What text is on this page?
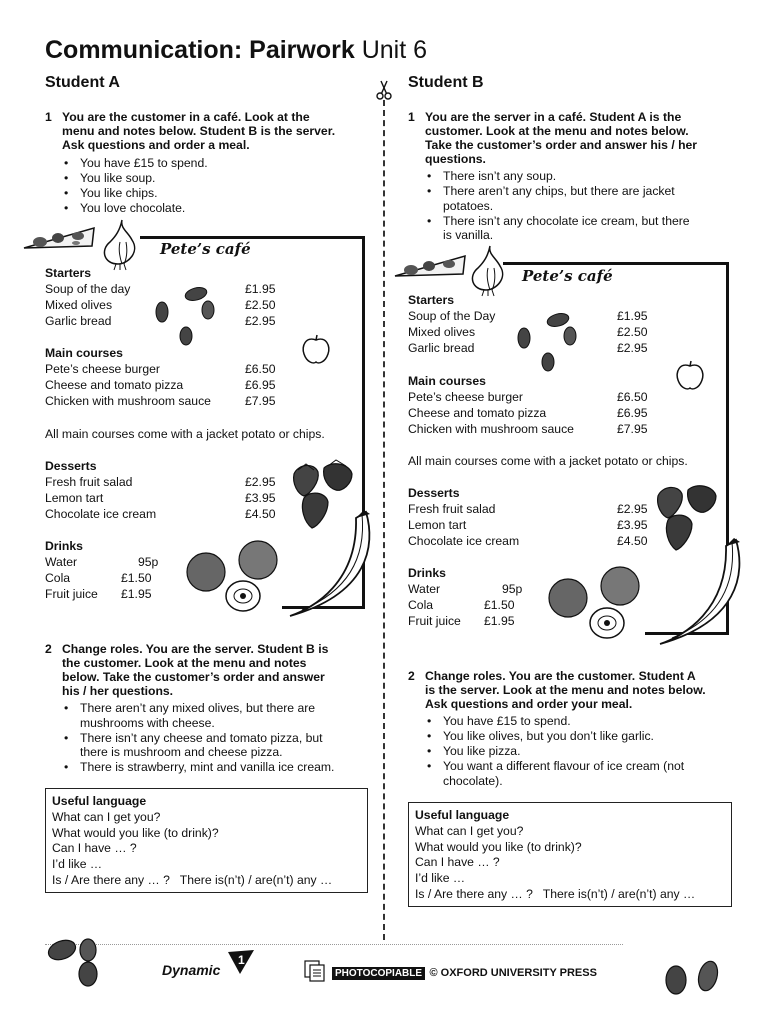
Communication: Pairwork Unit 6
Student A
1 You are the customer in a café. Look at the
menu and notes below. Student B is the server.
Ask questions and order a meal.
• You have £15 to spend.
• You like soup.
• You like chips.
• You love chocolate.
Pete’s café
Starters
Soup of the day	£1.95
Mixed olives	£2.50
Garlic bread	£2.95
Main courses
Pete’s cheese burger	£6.50
Cheese and tomato pizza	£6.95
Chicken with mushroom sauce	£7.95
All main courses come with a jacket potato or chips.
Desserts
Fresh fruit salad	£2.95
Lemon tart	£3.95
Chocolate ice cream	£4.50
Drinks
Water	95p
Cola	£1.50
Fruit juice £1.95
2 Change roles. You are the server. Student B is
the customer. Look at the menu and notes
below. Take the customer’s order and answer
his / her questions.
• There aren’t any mixed olives, but there are
mushrooms with cheese.
• There isn’t any cheese and tomato pizza, but
there is mushroom and cheese pizza.
• There is strawberry, mint and vanilla ice cream.
Useful language
What can I get you?
What would you like (to drink)?
Can I have … ?
I’d like …
Is / Are there any … ?   There is(n’t) / are(n’t) any …
Student B
1 You are the server in a café. Student A is the
customer. Look at the menu and notes below.
Take the customer’s order and answer his / her
questions.
• There isn’t any soup.
• There aren’t any chips, but there are jacket
potatoes.
• There isn’t any chocolate ice cream, but there
is vanilla.
Pete’s café
Starters
Soup of the Day	£1.95
Mixed olives	£2.50
Garlic bread	£2.95
Main courses
Pete’s cheese burger	£6.50
Cheese and tomato pizza	£6.95
Chicken with mushroom sauce	£7.95
All main courses come with a jacket potato or chips.
Desserts
Fresh fruit salad	£2.95
Lemon tart	£3.95
Chocolate ice cream	£4.50
Drinks
Water	95p
Cola	£1.50
Fruit juice £1.95
2 Change roles. You are the customer. Student A
is the server. Look at the menu and notes below.
Ask questions and order your meal.
• You have £15 to spend.
• You like olives, but you don’t like garlic.
• You like pizza.
• You want a different flavour of ice cream (not
chocolate).
Useful language
What can I get you?
What would you like (to drink)?
Can I have … ?
I’d like …
Is / Are there any … ?   There is(n’t) / are(n’t) any …
Dynamic
1
PHOTOCOPIABLE © OXFORD UNIVERSITY PRESS
